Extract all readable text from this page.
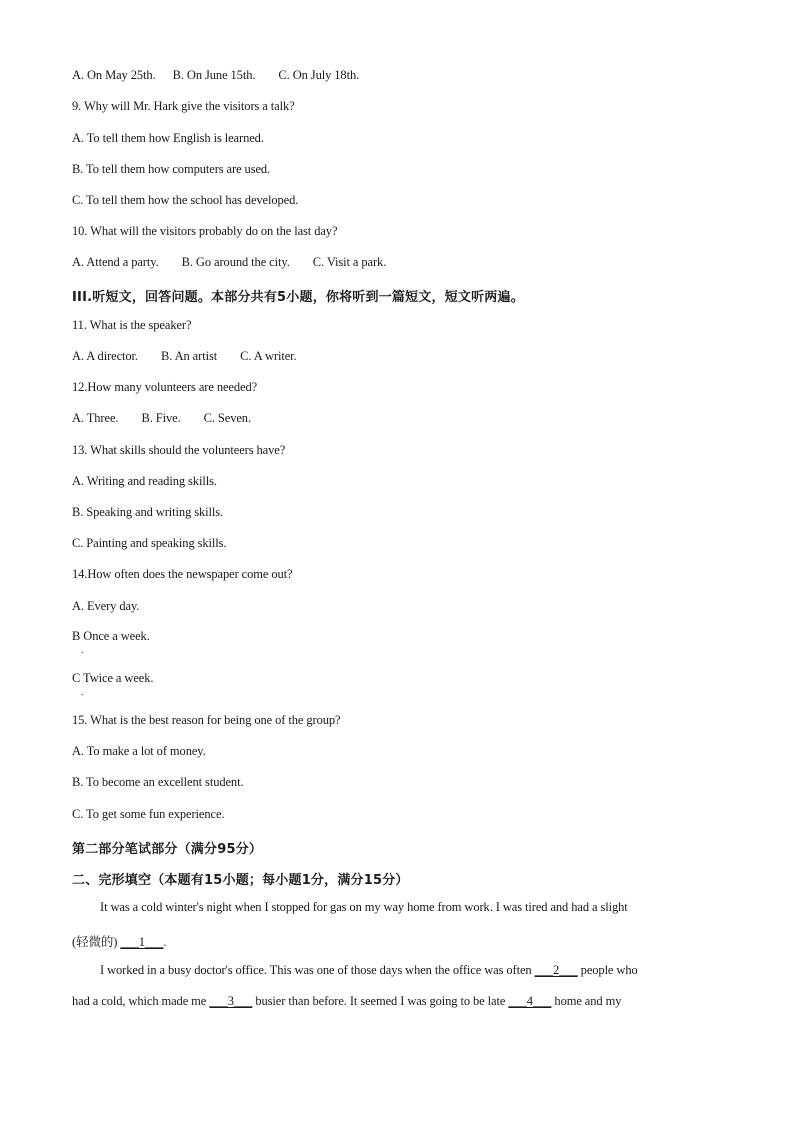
A. On May 25th. B. On June 15th. C. On July 18th.
9. Why will Mr. Hark give the visitors a talk?
A. To tell them how English is learned.
B. To tell them how computers are used.
C. To tell them how the school has developed.
10. What will the visitors probably do on the last day?
A. Attend a party. B. Go around the city. C. Visit a park.
III.听短文，回答问题。本部分共有5小题，你将听到一篇短文，短文听两遍。
11. What is the speaker?
A. A director. B. An artist C. A writer.
12.How many volunteers are needed?
A. Three. B. Five. C. Seven.
13. What skills should the volunteers have?
A. Writing and reading skills.
B. Speaking and writing skills.
C. Painting and speaking skills.
14.How often does the newspaper come out?
A. Every day.
B Once a week.
.
C Twice a week.
.
15. What is the best reason for being one of the group?
A. To make a lot of money.
B. To become an excellent student.
C. To get some fun experience.
第二部分笔试部分（满分95分）
二、完形填空（本题有15小题；每小题1分，满分15分）
It was a cold winter's night when I stopped for gas on my way home from work. I was tired and had a slight
(轻微的) ___1___.
I worked in a busy doctor's office. This was one of those days when the office was often ___2___ people who
had a cold, which made me ___3___ busier than before. It seemed I was going to be late ___4___ home and my
